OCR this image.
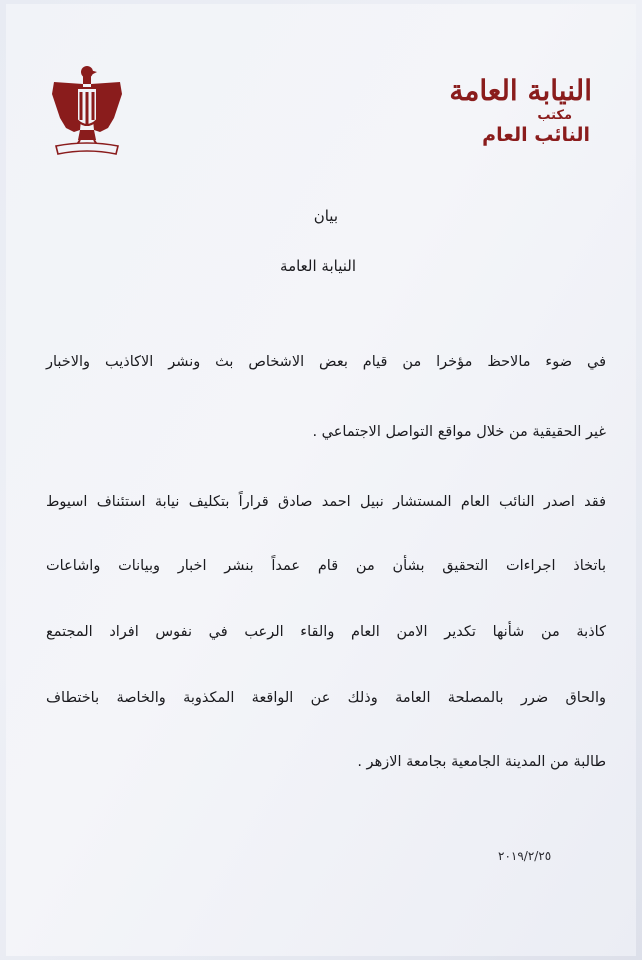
النيابة العامة
مكتب
النائب العام
بيان
النيابة العامة
في ضوء مالاحظ مؤخرا من قيام بعض الاشخاص بث ونشر الاكاذيب والاخبار
غير الحقيقية من خلال مواقع التواصل الاجتماعي .
فقد اصدر النائب العام المستشار نبيل احمد صادق قراراً بتكليف نيابة استئناف اسيوط
باتخاذ اجراءات التحقيق بشأن من قام عمداً بنشر اخبار وبيانات واشاعات
كاذبة من شأنها تكدير الامن العام والقاء الرعب في نفوس افراد المجتمع
والحاق ضرر بالمصلحة العامة وذلك عن الواقعة المكذوبة والخاصة باختطاف
طالبة من المدينة الجامعية بجامعة الازهر .
٢٠١٩/٢/٢٥
